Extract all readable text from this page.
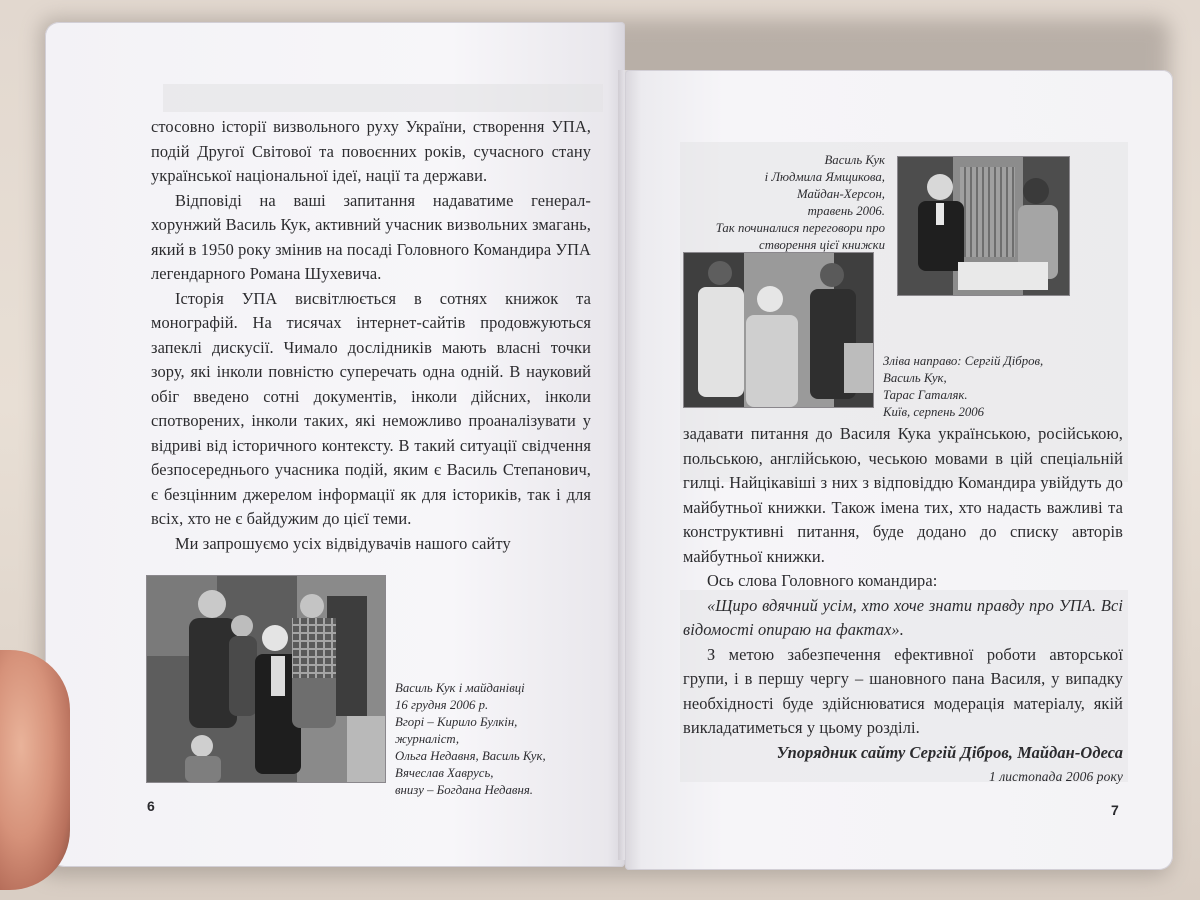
стосовно історії визвольного руху України, створення УПА, подій Другої Світової та повоєнних років, сучасного стану української національної ідеї, нації та держави.

Відповіді на ваші запитання надаватиме генерал-хорунжий Василь Кук, активний учасник визвольних змагань, який в 1950 року змінив на посаді Головного Командира УПА легендарного Романа Шухевича.

Історія УПА висвітлюється в сотнях книжок та монографій. На тисячах інтернет-сайтів продовжуються запеклі дискусії. Чимало дослідників мають власні точки зору, які інколи повністю суперечать одна одній. В науковий обіг введено сотні документів, інколи дійсних, інколи спотворених, інколи таких, які неможливо проаналізувати у відриві від історичного контексту. В такий ситуації свідчення безпосереднього учасника подій, яким є Василь Степанович, є безцінним джерелом інформації як для істориків, так і для всіх, хто не є байдужим до цієї теми.

Ми запрошуємо усіх відвідувачів нашого сайту

Василь Кук і майданівці
16 грудня 2006 р.
Вгорі – Кирило Булкін,
журналіст,
Ольга Недавня, Василь Кук,
Вячеслав Хаврусь,
внизу – Богдана Недавня.
6
Василь Кук
і Людмила Ямщикова,
Майдан-Херсон,
травень 2006.
Так починалися переговори про
створення цієї книжки
Зліва направо: Сергій Дібров,
Василь Кук,
Тарас Гаталяк.
Київ, серпень 2006

задавати питання до Василя Кука українською, російською, польською, англійською, чеською мовами в цій спеціальній гилці. Найцікавіші з них з відповіддю Командира увійдуть до майбутньої книжки. Також імена тих, хто надасть важливі та конструктивні питання, буде додано до списку авторів майбутньої книжки.

Ось слова Головного командира:

«Щиро вдячний усім, хто хоче знати правду про УПА. Всі відомості опираю на фактах».

З метою забезпечення ефективної роботи авторської групи, і в першу чергу – шановного пана Василя, у випадку необхідності буде здійснюватися модерація матеріалу, якій викладатиметься у цьому розділі.

Упорядник сайту Сергій Дібров, Майдан-Одеса

1 листопада 2006 року

7
